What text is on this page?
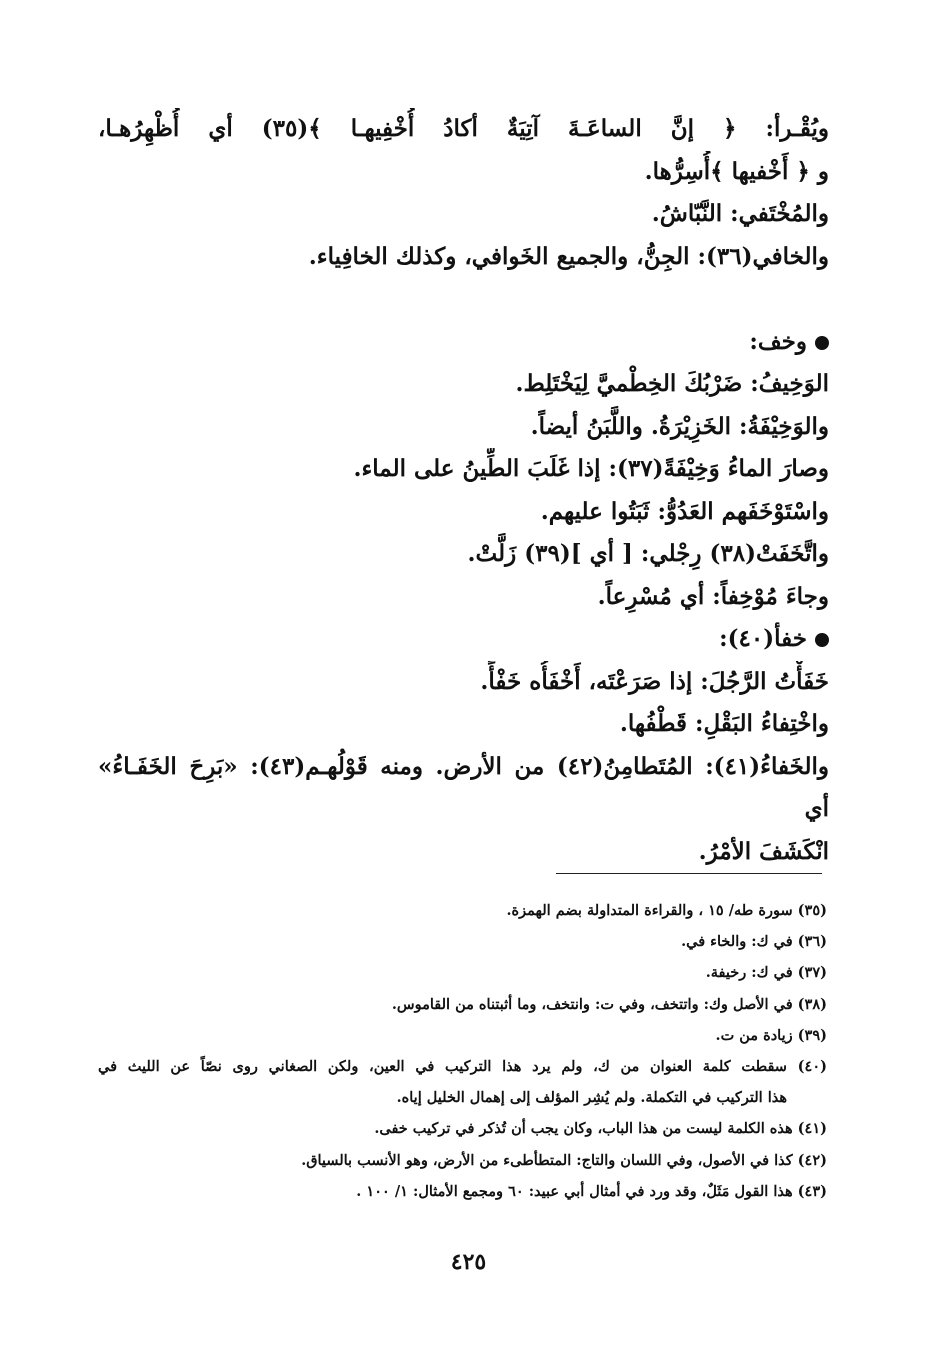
ويُقْـرأ: ﴿ إنَّ الساعَـةَ آتِيَةٌ أكادُ أُخْفِيهـا ﴾(٣٥) أي أُظْهِرُهـا،
و ﴿ أَخْفيها ﴾أُسِرُّها.
والمُخْتَفي: النَّبّاشُ.
والخافي(٣٦): الجِنُّ، والجميع الخَوافي، وكذلك الخافِياء.

وخف:
الوَخِيفُ: ضَرْبُكَ الخِطْميَّ لِيَخْتَلِط.
والوَخِيْفَةُ: الخَزِيْرَةُ. واللَّبَنُ أيضاً.
وصارَ الماءُ وَخِيْفَةً(٣٧): إذا غَلَبَ الطِّينُ على الماء.
واسْتَوْخَفَهم العَدُوُّ: ثَبَتُوا عليهم.
واتَّخَفَتْ(٣٨) رِجْلي: [ أي ](٣٩) زَلَّتْ.
وجاءَ مُوْخِفاً: أي مُسْرِعاً.
خفأ(٤٠):
خَفَأْتُ الرَّجُلَ: إذا صَرَعْتَه، أَخْفَأُه خَفْأً.
واخْتِفاءُ البَقْلِ: قَطْفُها.
والخَفاءُ(٤١): المُتَطامِنُ(٤٢) من الأرض. ومنه قَوْلُهـم(٤٣): «بَرِحَ الخَفَـاءُ» أي
انْكَشَفَ الأمْرُ.
(٣٥) سورة طه/ ١٥ ، والقراءة المتداولة بضم الهمزة.
(٣٦) في ك: والخاء في.
(٣٧) في ك: رخيفة.
(٣٨) في الأصل وك: واتتخف، وفي ت: وانتخف، وما أثبتناه من القاموس.
(٣٩) زيادة من ت.
(٤٠) سقطت كلمة العنوان من ك، ولم يرد هذا التركيب في العين، ولكن الصغاني روى نصّاً عن الليث في
هذا التركيب في التكملة. ولم يُشِر المؤلف إلى إهمال الخليل إياه.
(٤١) هذه الكلمة ليست من هذا الباب، وكان يجب أن تُذكر في تركيب خفى.
(٤٢) كذا في الأصول، وفي اللسان والتاج: المتطأطىء من الأرض، وهو الأنسب بالسياق.
(٤٣) هذا القول مَثَلٌ، وقد ورد في أمثال أبي عبيد: ٦٠ ومجمع الأمثال: ١/ ١٠٠ .
٤٢٥
